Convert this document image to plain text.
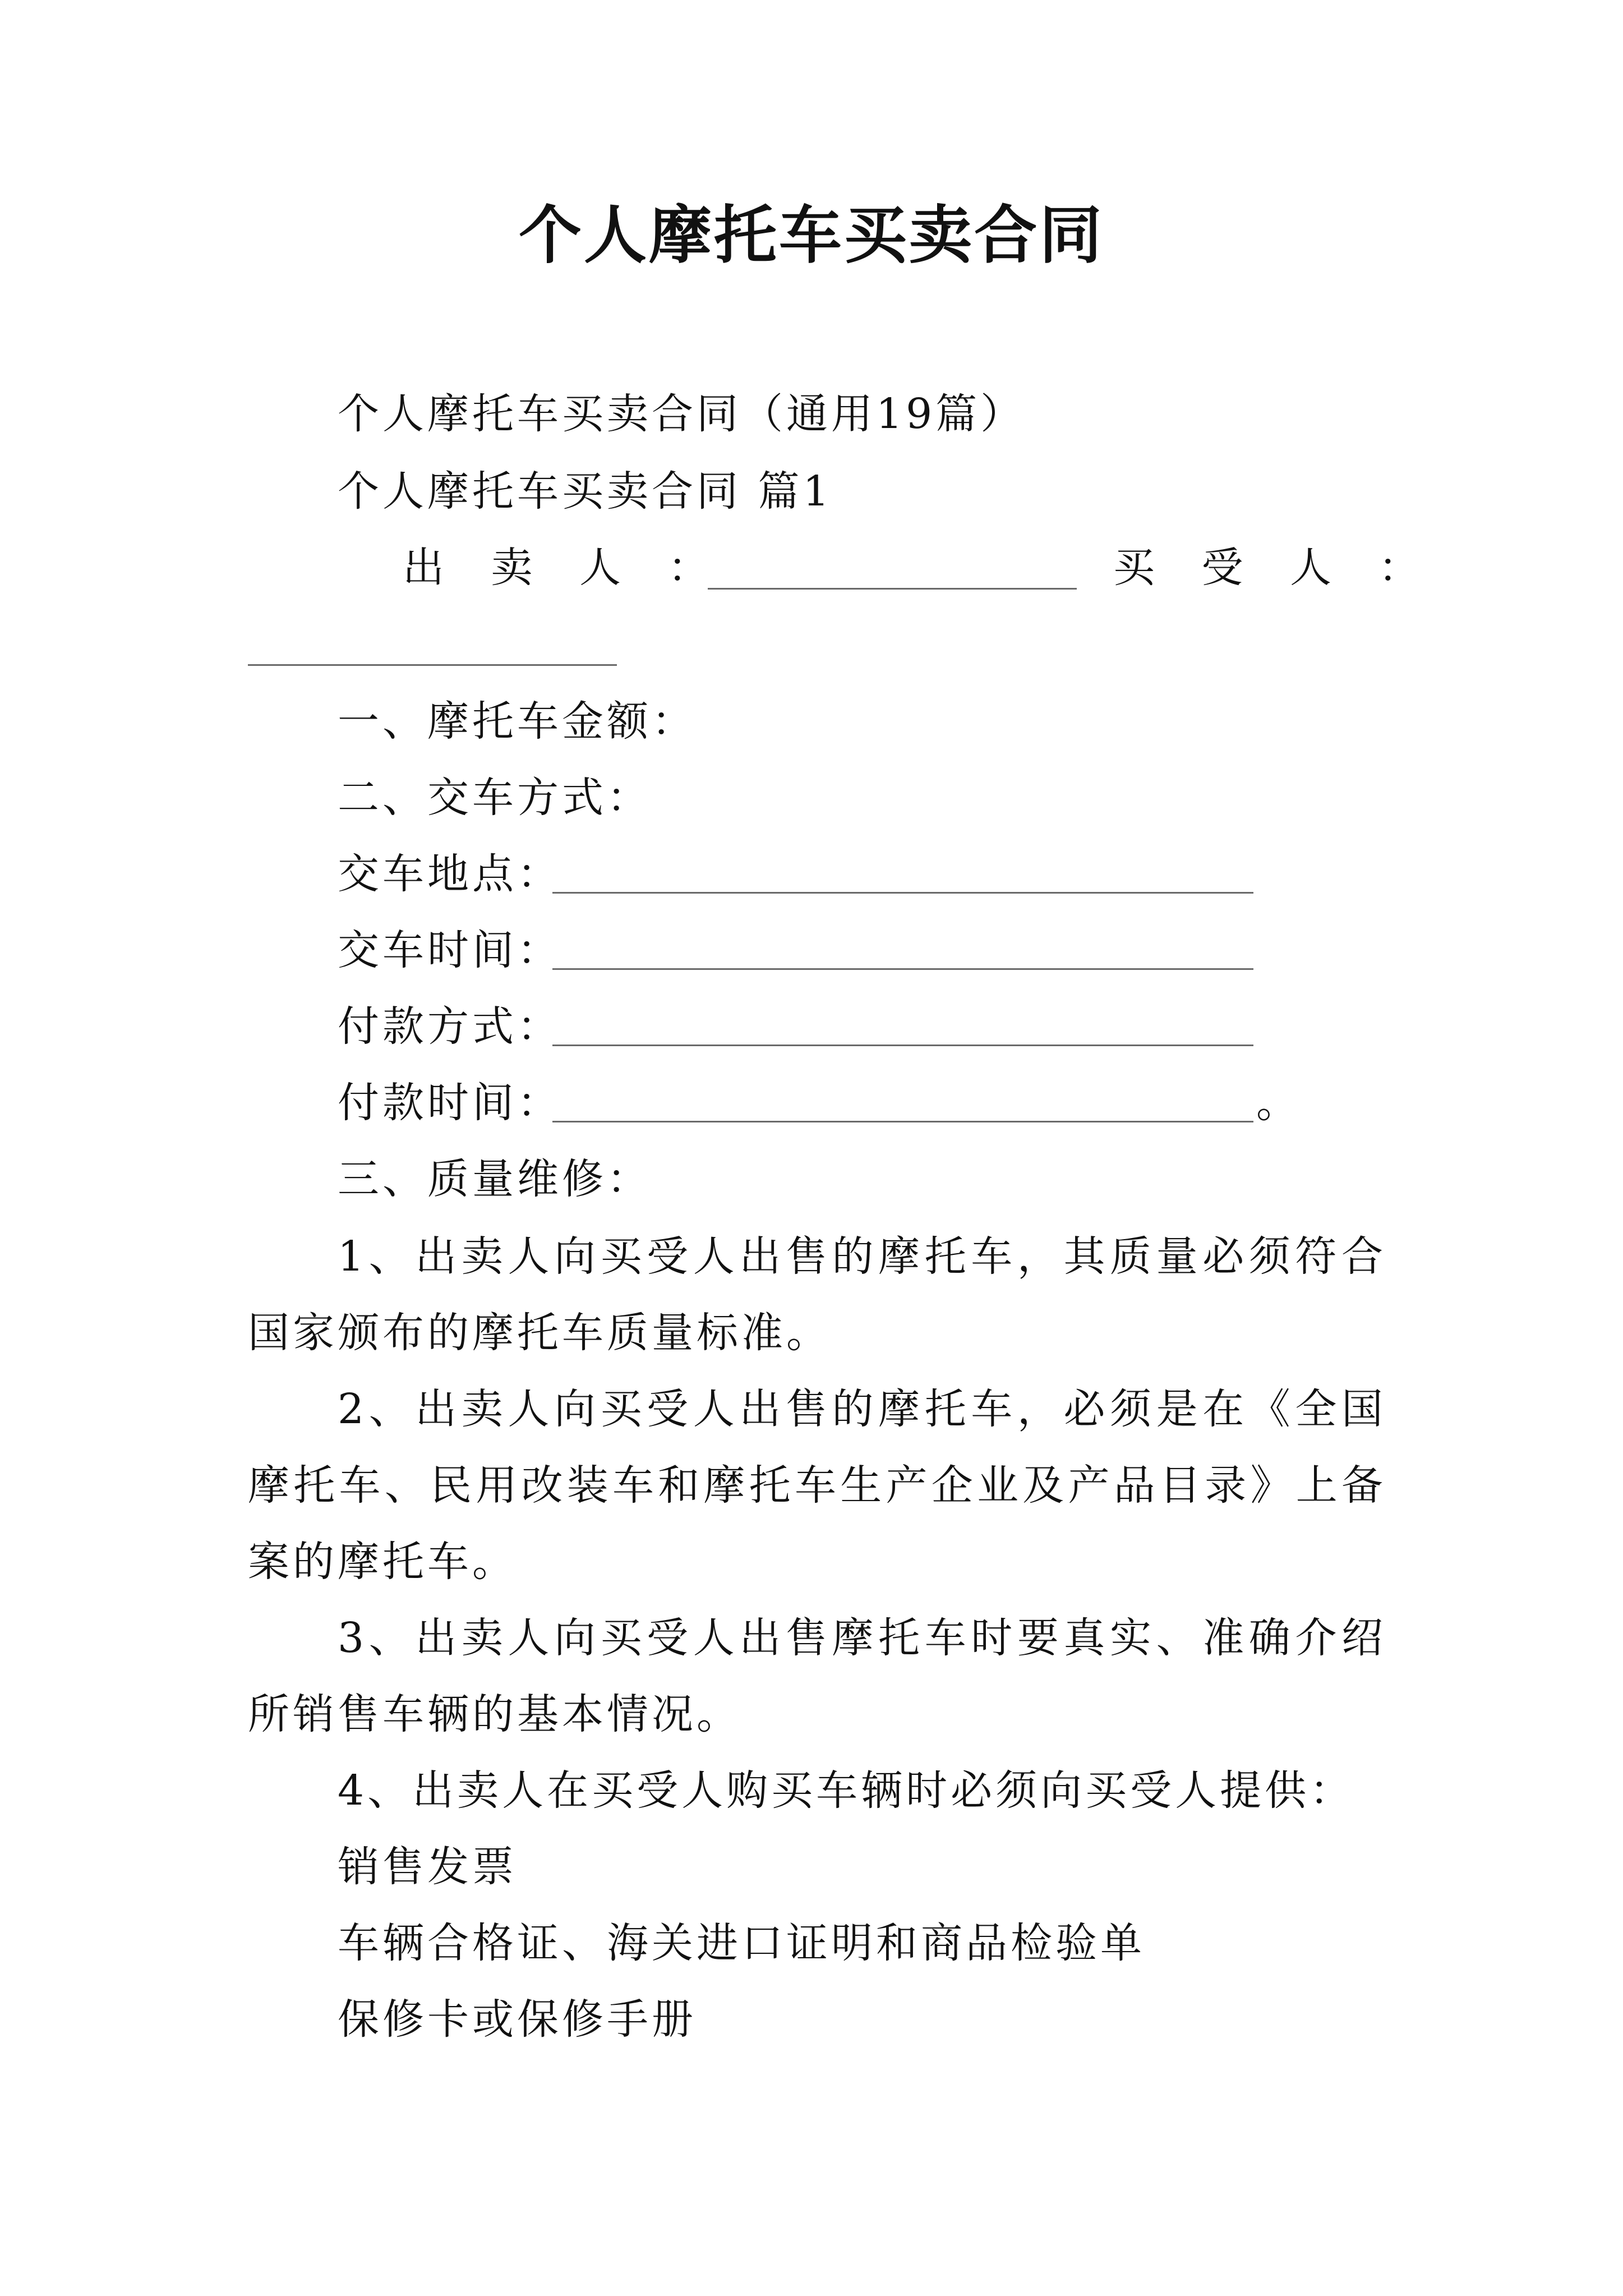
个人摩托车买卖合同
个人摩托车买卖合同（通用19篇）
个人摩托车买卖合同 篇1
出 卖 人 ：	买 受 人 ：
一、摩托车金额：
二、交车方式：
交车地点：
交车时间：
付款方式：
付款时间：	。
三、质量维修：

1、出卖人向买受人出售的摩托车，其质量必须符合国家颁布的摩托车质量标准。

2、出卖人向买受人出售的摩托车，必须是在《全国摩托车、民用改装车和摩托车生产企业及产品目录》上备案的摩托车。

3、出卖人向买受人出售摩托车时要真实、准确介绍所销售车辆的基本情况。

4、出卖人在买受人购买车辆时必须向买受人提供：

销售发票
车辆合格证、海关进口证明和商品检验单
保修卡或保修手册
